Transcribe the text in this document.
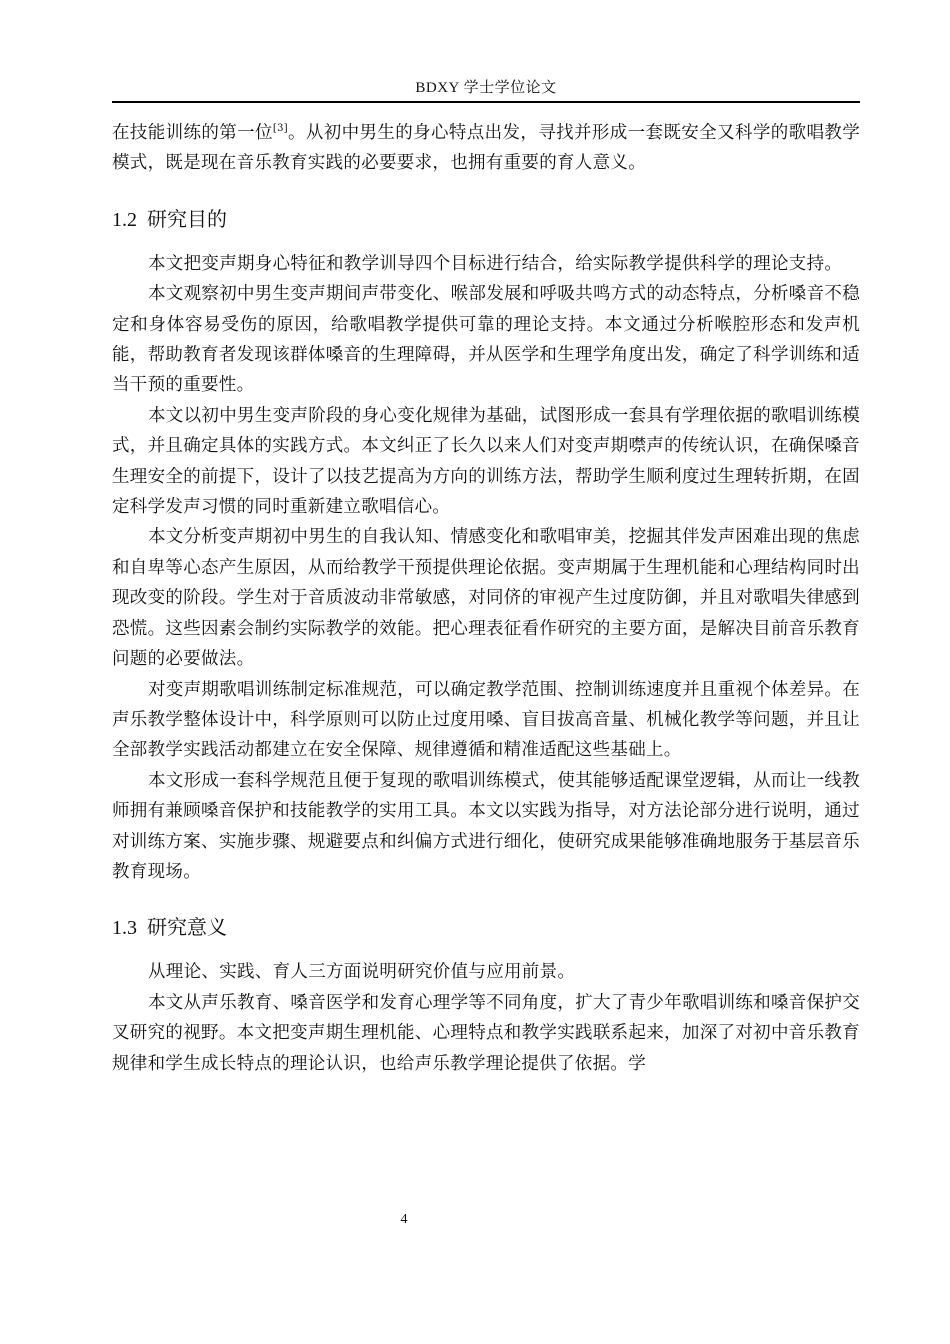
BDXY 学士学位论文

在技能训练的第一位[3]。从初中男生的身心特点出发，寻找并形成一套既安全又科学的歌唱教学模式，既是现在音乐教育实践的必要要求，也拥有重要的育人意义。

1.2 研究目的

本文把变声期身心特征和教学训导四个目标进行结合，给实际教学提供科学的理论支持。

本文观察初中男生变声期间声带变化、喉部发展和呼吸共鸣方式的动态特点，分析嗓音不稳定和身体容易受伤的原因，给歌唱教学提供可靠的理论支持。本文通过分析喉腔形态和发声机能，帮助教育者发现该群体嗓音的生理障碍，并从医学和生理学角度出发，确定了科学训练和适当干预的重要性。

本文以初中男生变声阶段的身心变化规律为基础，试图形成一套具有学理依据的歌唱训练模式，并且确定具体的实践方式。本文纠正了长久以来人们对变声期噤声的传统认识，在确保嗓音生理安全的前提下，设计了以技艺提高为方向的训练方法，帮助学生顺利度过生理转折期，在固定科学发声习惯的同时重新建立歌唱信心。

本文分析变声期初中男生的自我认知、情感变化和歌唱审美，挖掘其伴发声困难出现的焦虑和自卑等心态产生原因，从而给教学干预提供理论依据。变声期属于生理机能和心理结构同时出现改变的阶段。学生对于音质波动非常敏感，对同侪的审视产生过度防御，并且对歌唱失律感到恐慌。这些因素会制约实际教学的效能。把心理表征看作研究的主要方面，是解决目前音乐教育问题的必要做法。

对变声期歌唱训练制定标准规范，可以确定教学范围、控制训练速度并且重视个体差异。在声乐教学整体设计中，科学原则可以防止过度用嗓、盲目拔高音量、机械化教学等问题，并且让全部教学实践活动都建立在安全保障、规律遵循和精准适配这些基础上。

本文形成一套科学规范且便于复现的歌唱训练模式，使其能够适配课堂逻辑，从而让一线教师拥有兼顾嗓音保护和技能教学的实用工具。本文以实践为指导，对方法论部分进行说明，通过对训练方案、实施步骤、规避要点和纠偏方式进行细化，使研究成果能够准确地服务于基层音乐教育现场。

1.3 研究意义

从理论、实践、育人三方面说明研究价值与应用前景。

本文从声乐教育、嗓音医学和发育心理学等不同角度，扩大了青少年歌唱训练和嗓音保护交叉研究的视野。本文把变声期生理机能、心理特点和教学实践联系起来，加深了对初中音乐教育规律和学生成长特点的理论认识，也给声乐教学理论提供了依据。学

4
